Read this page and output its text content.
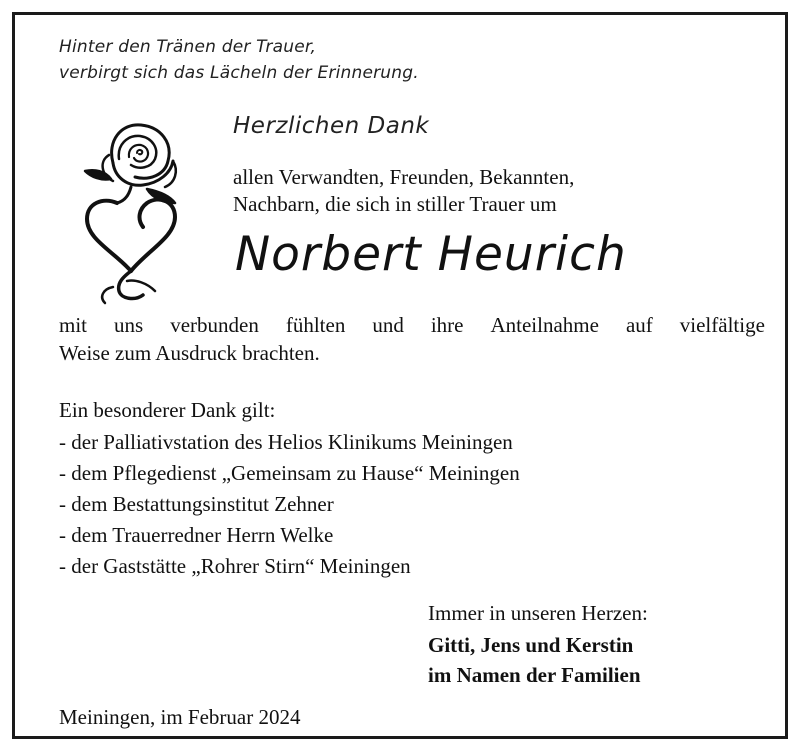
Hinter den Tränen der Trauer,
verbirgt sich das Lächeln der Erinnerung.
Herzlichen Dank
allen Verwandten, Freunden, Bekannten,
Nachbarn, die sich in stiller Trauer um
Norbert Heurich
mit uns verbunden fühlten und ihre Anteilnahme auf vielfältige
Weise zum Ausdruck brachten.
Ein besonderer Dank gilt:
- der Palliativstation des Helios Klinikums Meiningen
- dem Pflegedienst „Gemeinsam zu Hause“ Meiningen
- dem Bestattungsinstitut Zehner
- dem Trauerredner Herrn Welke
- der Gaststätte „Rohrer Stirn“ Meiningen
Immer in unseren Herzen:
Gitti, Jens und Kerstin
im Namen der Familien
Meiningen, im Februar 2024
